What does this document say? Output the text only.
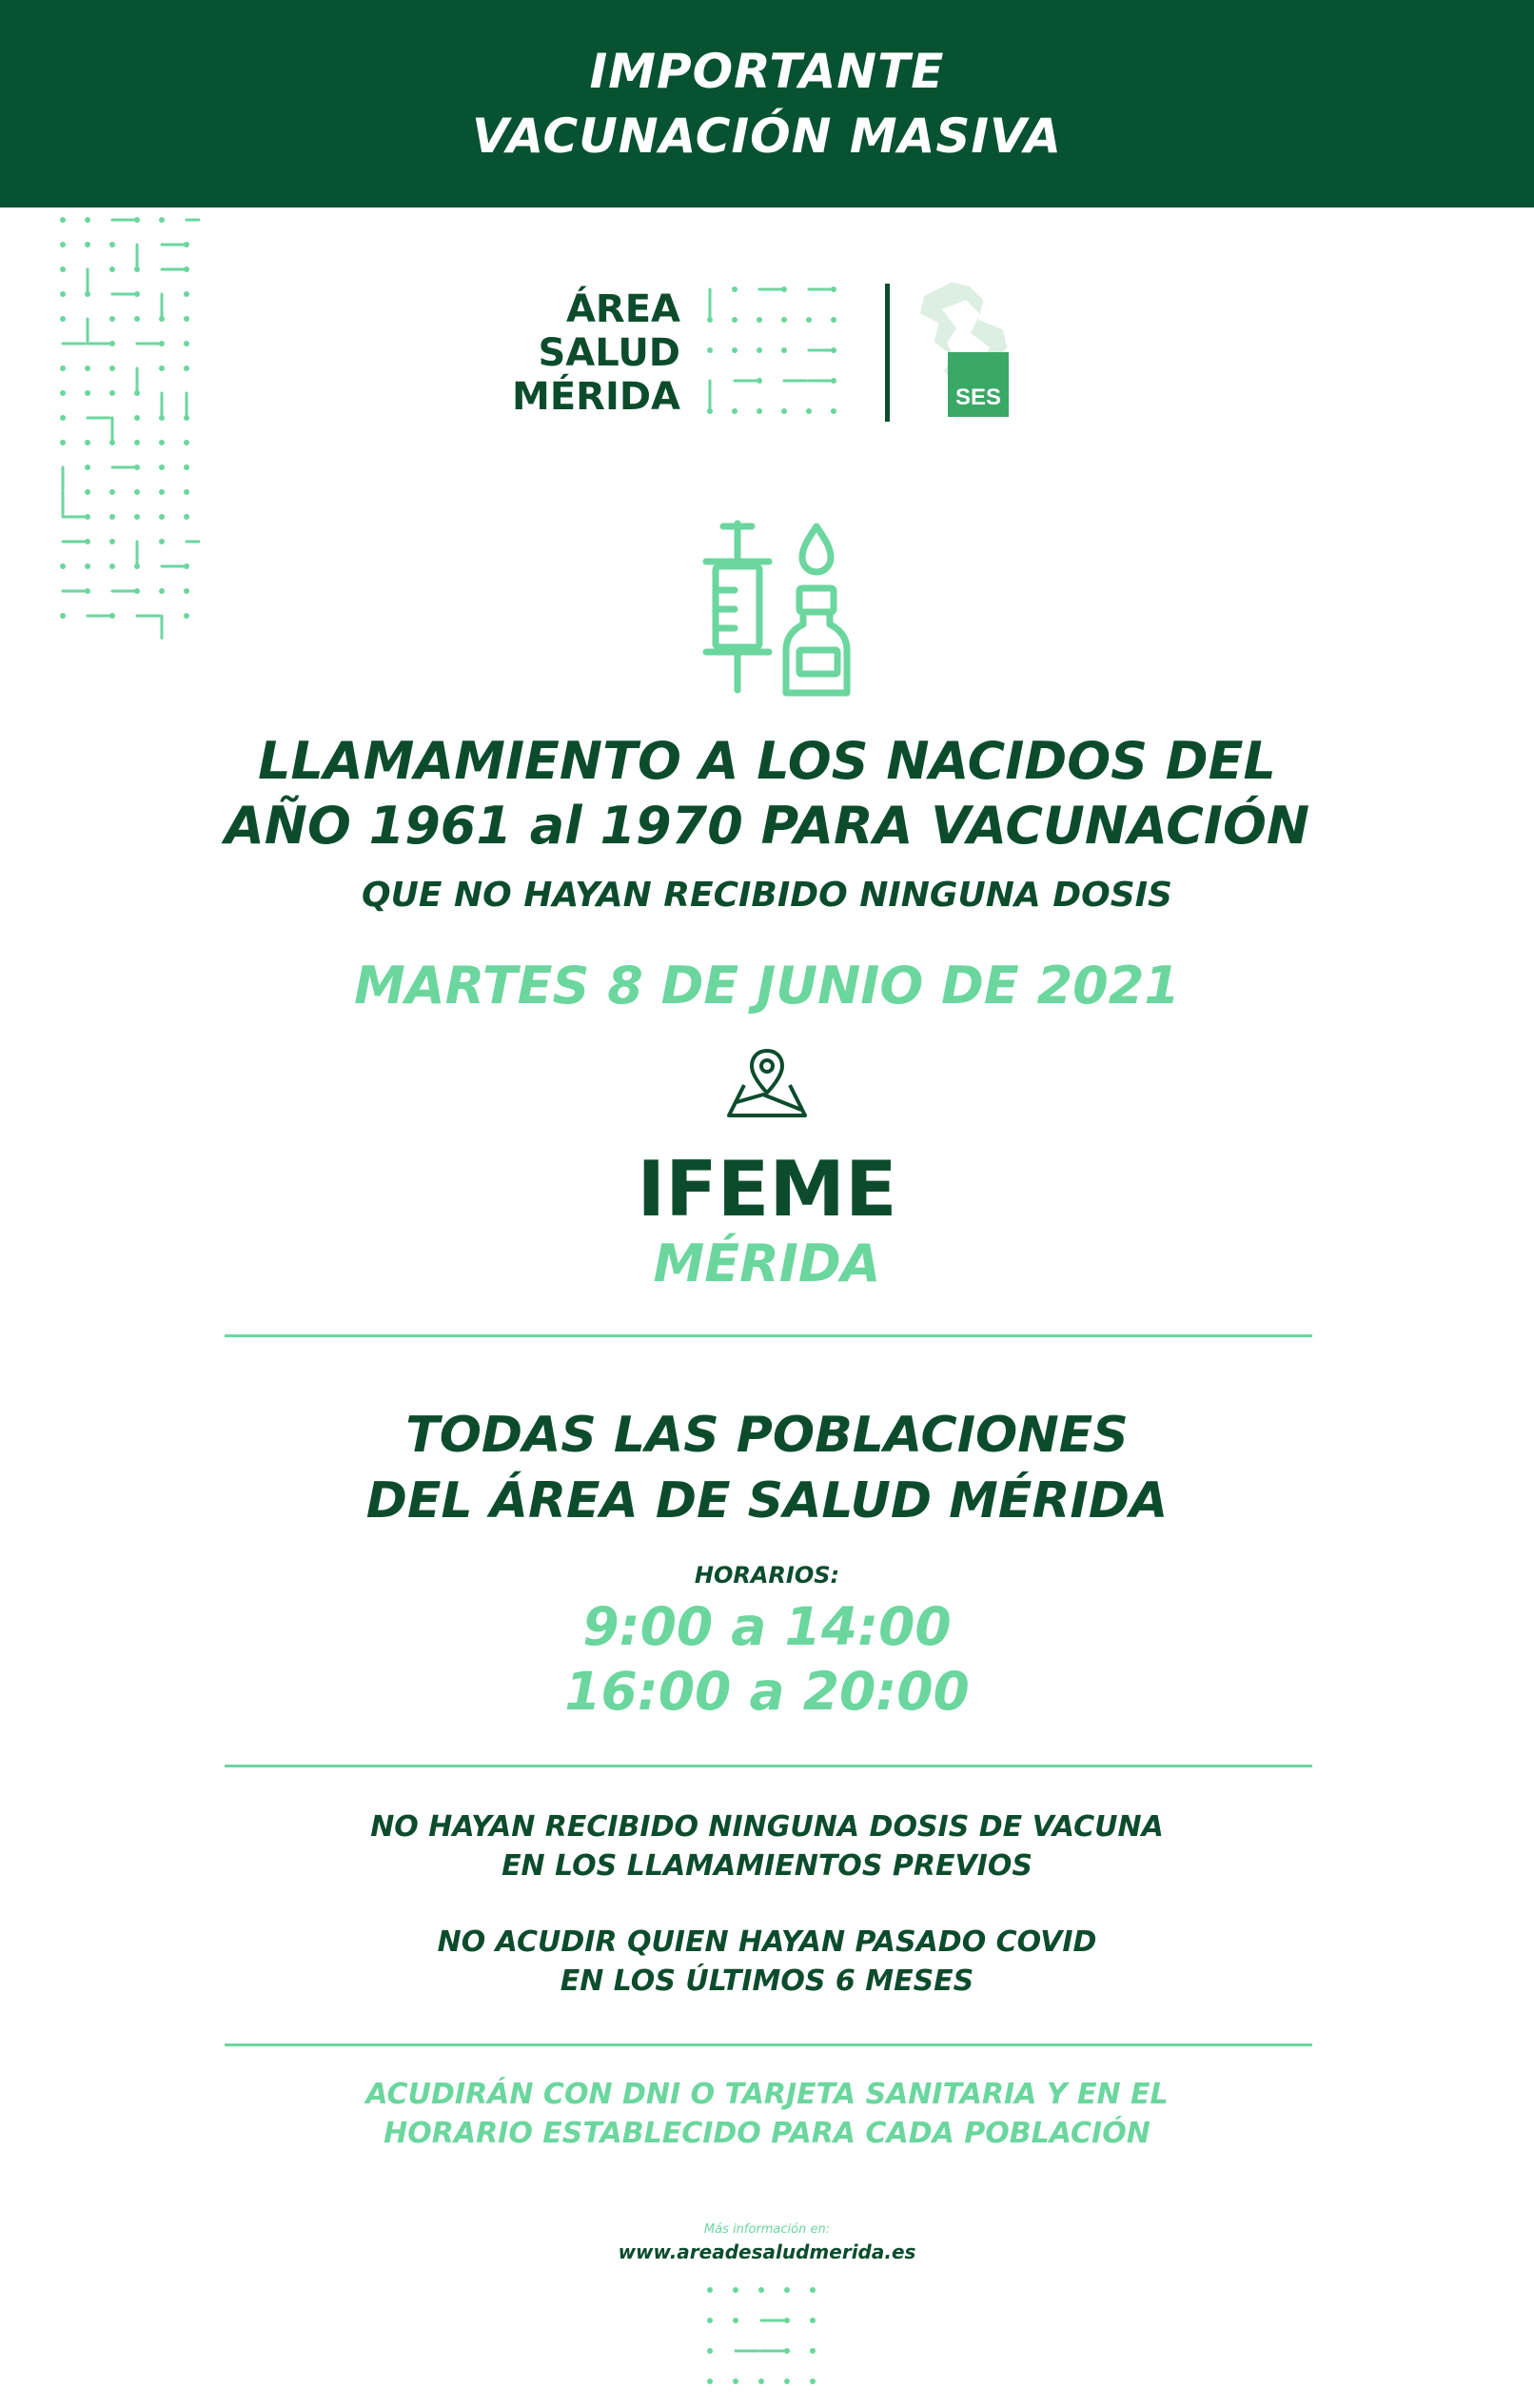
IMPORTANTE
VACUNACIÓN MASIVA
ÁREA
SALUD
MÉRIDA	SES
LLAMAMIENTO A LOS NACIDOS DEL
AÑO 1961 al 1970 PARA VACUNACIÓN
QUE NO HAYAN RECIBIDO NINGUNA DOSIS
MARTES 8 DE JUNIO DE 2021
IFEME
MÉRIDA
TODAS LAS POBLACIONES
DEL ÁREA DE SALUD MÉRIDA
HORARIOS:
9:00 a 14:00
16:00 a 20:00
NO HAYAN RECIBIDO NINGUNA DOSIS DE VACUNA
EN LOS LLAMAMIENTOS PREVIOS
NO ACUDIR QUIEN HAYAN PASADO COVID
EN LOS ÚLTIMOS 6 MESES
ACUDIRÁN CON DNI O TARJETA SANITARIA Y EN EL
HORARIO ESTABLECIDO PARA CADA POBLACIÓN
Más información en:
www.areadesaludmerida.es
